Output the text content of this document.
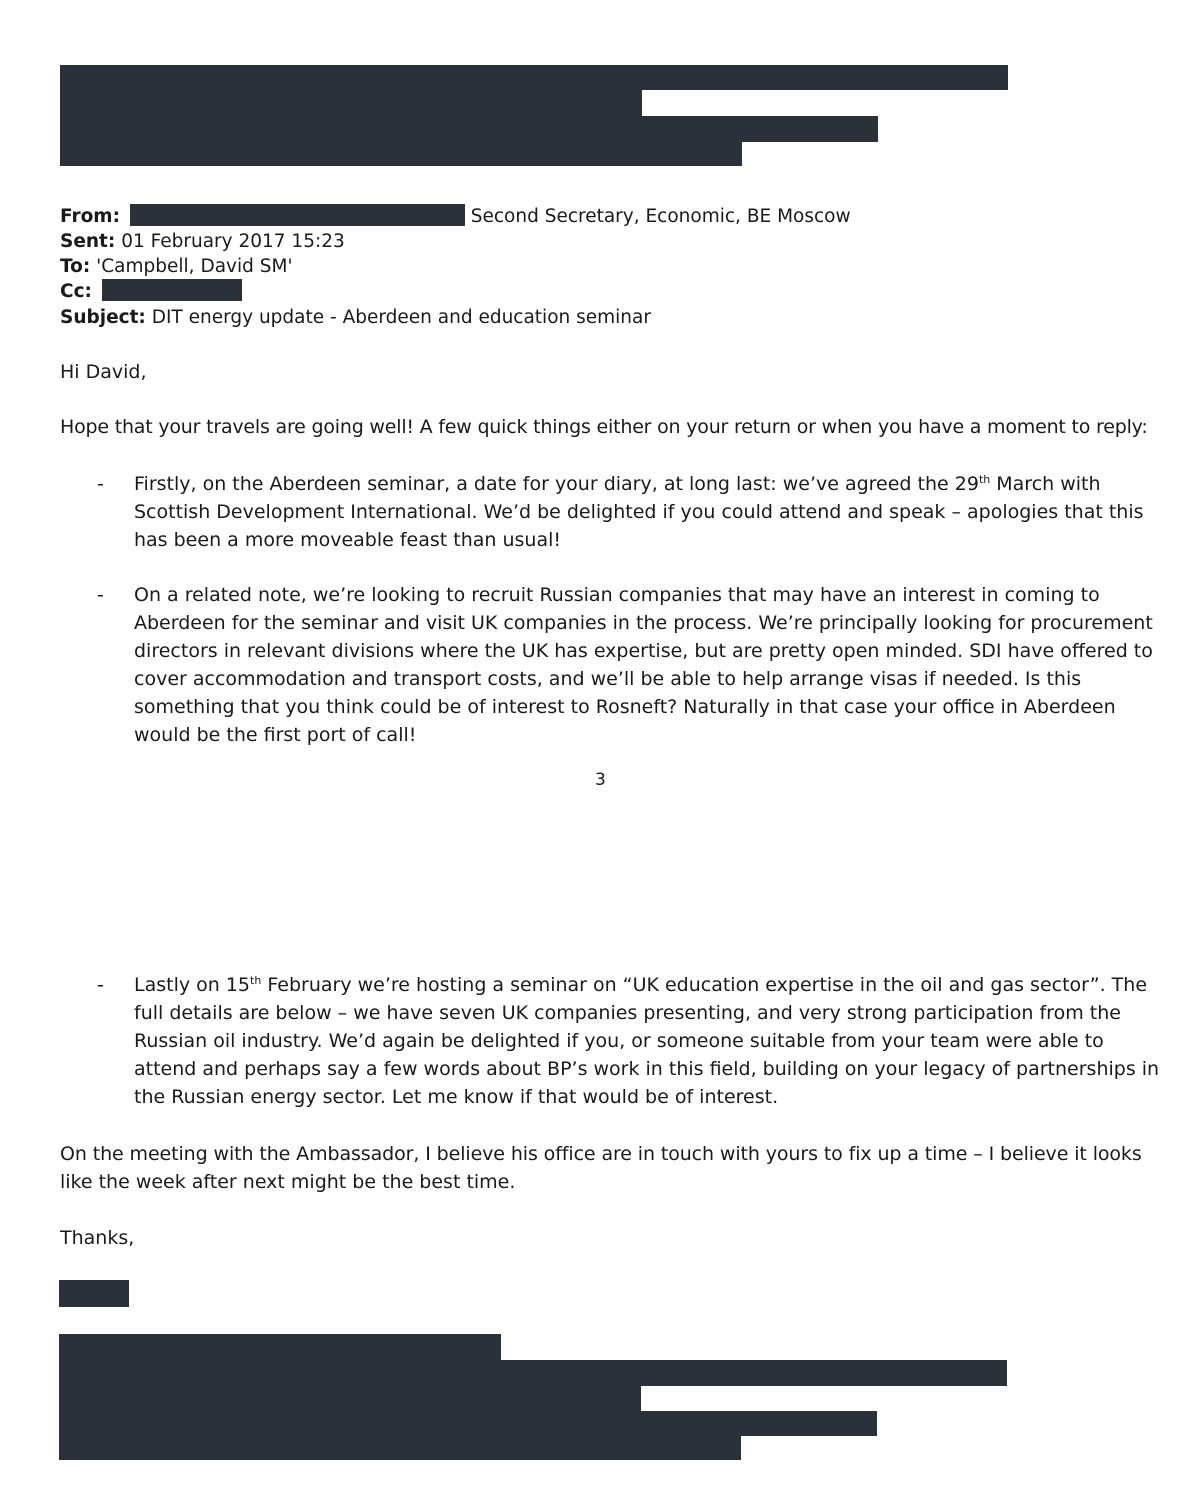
From:	Second Secretary, Economic, BE Moscow
Sent: 01 February 2017 15:23
To: 'Campbell, David SM'
Cc:
Subject: DIT energy update - Aberdeen and education seminar
Hi David,
Hope that your travels are going well! A few quick things either on your return or when you have a moment to reply:
- Firstly, on the Aberdeen seminar, a date for your diary, at long last: we’ve agreed the 29th March with
Scottish Development International. We’d be delighted if you could attend and speak – apologies that this
has been a more moveable feast than usual!
- On a related note, we’re looking to recruit Russian companies that may have an interest in coming to
Aberdeen for the seminar and visit UK companies in the process. We’re principally looking for procurement
directors in relevant divisions where the UK has expertise, but are pretty open minded. SDI have offered to
cover accommodation and transport costs, and we’ll be able to help arrange visas if needed. Is this
something that you think could be of interest to Rosneft? Naturally in that case your office in Aberdeen
would be the first port of call!
3
- Lastly on 15th February we’re hosting a seminar on “UK education expertise in the oil and gas sector”. The
full details are below – we have seven UK companies presenting, and very strong participation from the
Russian oil industry. We’d again be delighted if you, or someone suitable from your team were able to
attend and perhaps say a few words about BP’s work in this field, building on your legacy of partnerships in
the Russian energy sector. Let me know if that would be of interest.
On the meeting with the Ambassador, I believe his office are in touch with yours to fix up a time – I believe it looks
like the week after next might be the best time.
Thanks,
